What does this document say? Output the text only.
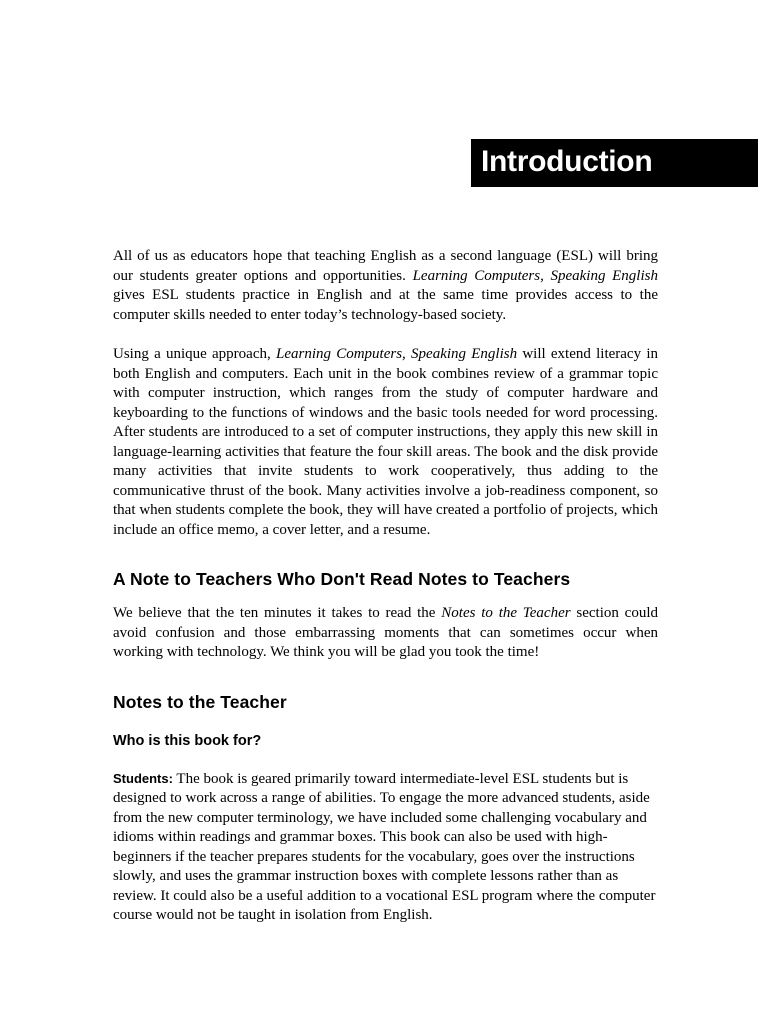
Introduction

All of us as educators hope that teaching English as a second language (ESL) will bring our students greater options and opportunities. Learning Computers, Speaking English gives ESL students practice in English and at the same time provides access to the computer skills needed to enter today’s technology-based society.

Using a unique approach, Learning Computers, Speaking English will extend literacy in both English and computers. Each unit in the book combines review of a grammar topic with computer instruction, which ranges from the study of computer hardware and keyboarding to the functions of windows and the basic tools needed for word processing. After students are introduced to a set of computer instructions, they apply this new skill in language-learning activities that feature the four skill areas. The book and the disk provide many activities that invite students to work cooperatively, thus adding to the communicative thrust of the book. Many activities involve a job-readiness component, so that when students complete the book, they will have created a portfolio of projects, which include an office memo, a cover letter, and a resume.

A Note to Teachers Who Don't Read Notes to Teachers

We believe that the ten minutes it takes to read the Notes to the Teacher section could avoid confusion and those embarrassing moments that can sometimes occur when working with technology. We think you will be glad you took the time!

Notes to the Teacher
Who is this book for?

Students: The book is geared primarily toward intermediate-level ESL students but is designed to work across a range of abilities. To engage the more advanced students, aside from the new computer terminology, we have included some challenging vocabulary and idioms within readings and grammar boxes. This book can also be used with high-beginners if the teacher prepares students for the vocabulary, goes over the instructions slowly, and uses the grammar instruction boxes with complete lessons rather than as review. It could also be a useful addition to a vocational ESL program where the computer course would not be taught in isolation from English.
